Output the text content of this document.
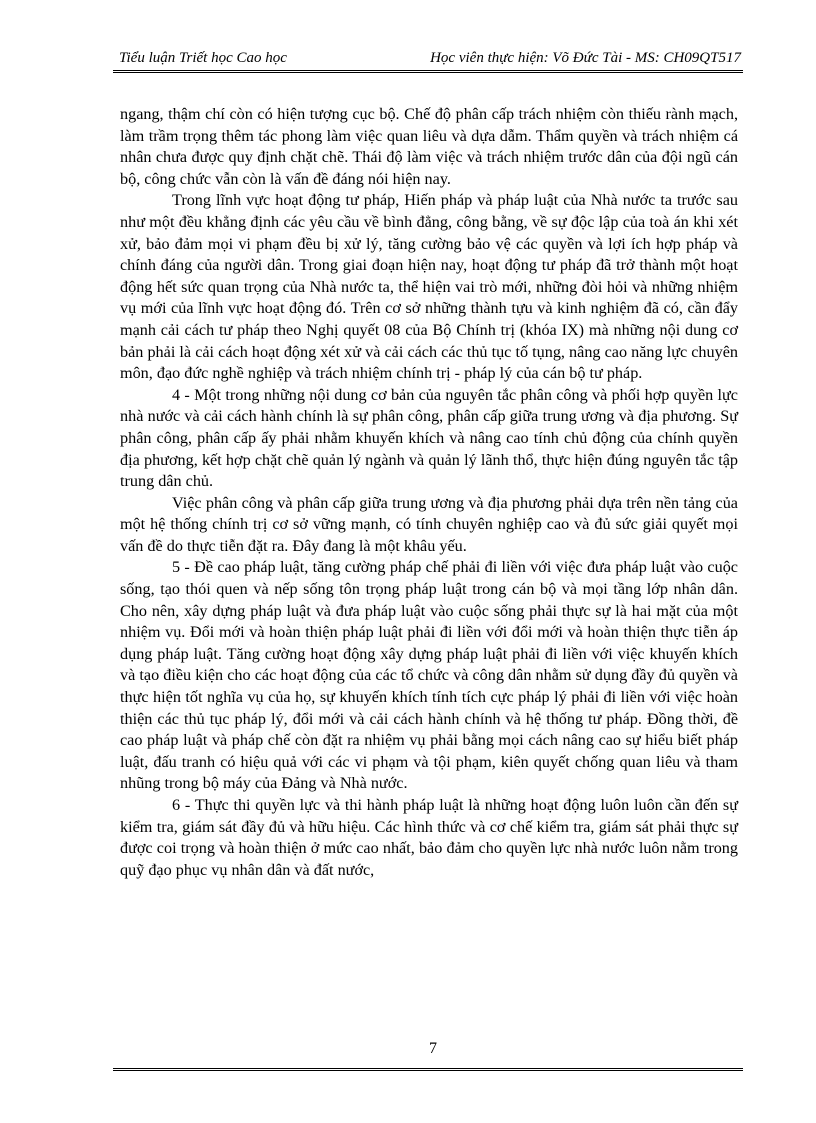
Tiểu luận Triết học Cao học	Học viên thực hiện: Võ Đức Tài - MS: CH09QT517

ngang, thậm chí còn có hiện tượng cục bộ. Chế độ phân cấp trách nhiệm còn thiếu rành mạch, làm trầm trọng thêm tác phong làm việc quan liêu và dựa dẫm. Thẩm quyền và trách nhiệm cá nhân chưa được quy định chặt chẽ. Thái độ làm việc và trách nhiệm trước dân của đội ngũ cán bộ, công chức vẫn còn là vấn đề đáng nói hiện nay.

Trong lĩnh vực hoạt động tư pháp, Hiến pháp và pháp luật của Nhà nước ta trước sau như một đều khẳng định các yêu cầu về bình đẳng, công bằng, về sự độc lập của toà án khi xét xử, bảo đảm mọi vi phạm đều bị xử lý, tăng cường bảo vệ các quyền và lợi ích hợp pháp và chính đáng của người dân. Trong giai đoạn hiện nay, hoạt động tư pháp đã trở thành một hoạt động hết sức quan trọng của Nhà nước ta, thể hiện vai trò mới, những đòi hỏi và những nhiệm vụ mới của lĩnh vực hoạt động đó. Trên cơ sở những thành tựu và kinh nghiệm đã có, cần đẩy mạnh cải cách tư pháp theo Nghị quyết 08 của Bộ Chính trị (khóa IX) mà những nội dung cơ bản phải là cải cách hoạt động xét xử và cải cách các thủ tục tố tụng, nâng cao năng lực chuyên môn, đạo đức nghề nghiệp và trách nhiệm chính trị - pháp lý của cán bộ tư pháp.

4 - Một trong những nội dung cơ bản của nguyên tắc phân công và phối hợp quyền lực nhà nước và cải cách hành chính là sự phân công, phân cấp giữa trung ương và địa phương. Sự phân công, phân cấp ấy phải nhằm khuyến khích và nâng cao tính chủ động của chính quyền địa phương, kết hợp chặt chẽ quản lý ngành và quản lý lãnh thổ, thực hiện đúng nguyên tắc tập trung dân chủ.

Việc phân công và phân cấp giữa trung ương và địa phương phải dựa trên nền tảng của một hệ thống chính trị cơ sở vững mạnh, có tính chuyên nghiệp cao và đủ sức giải quyết mọi vấn đề do thực tiễn đặt ra. Đây đang là một khâu yếu.

5 - Đề cao pháp luật, tăng cường pháp chế phải đi liền với việc đưa pháp luật vào cuộc sống, tạo thói quen và nếp sống tôn trọng pháp luật trong cán bộ và mọi tầng lớp nhân dân. Cho nên, xây dựng pháp luật và đưa pháp luật vào cuộc sống phải thực sự là hai mặt của một nhiệm vụ. Đổi mới và hoàn thiện pháp luật phải đi liền với đổi mới và hoàn thiện thực tiễn áp dụng pháp luật. Tăng cường hoạt động xây dựng pháp luật phải đi liền với việc khuyến khích và tạo điều kiện cho các hoạt động của các tổ chức và công dân nhằm sử dụng đầy đủ quyền và thực hiện tốt nghĩa vụ của họ, sự khuyến khích tính tích cực pháp lý phải đi liền với việc hoàn thiện các thủ tục pháp lý, đổi mới và cải cách hành chính và hệ thống tư pháp. Đồng thời, đề cao pháp luật và pháp chế còn đặt ra nhiệm vụ phải bằng mọi cách nâng cao sự hiểu biết pháp luật, đấu tranh có hiệu quả với các vi phạm và tội phạm, kiên quyết chống quan liêu và tham nhũng trong bộ máy của Đảng và Nhà nước.

6 - Thực thi quyền lực và thi hành pháp luật là những hoạt động luôn luôn cần đến sự kiểm tra, giám sát đầy đủ và hữu hiệu. Các hình thức và cơ chế kiểm tra, giám sát phải thực sự được coi trọng và hoàn thiện ở mức cao nhất, bảo đảm cho quyền lực nhà nước luôn nằm trong quỹ đạo phục vụ nhân dân và đất nước,

7
